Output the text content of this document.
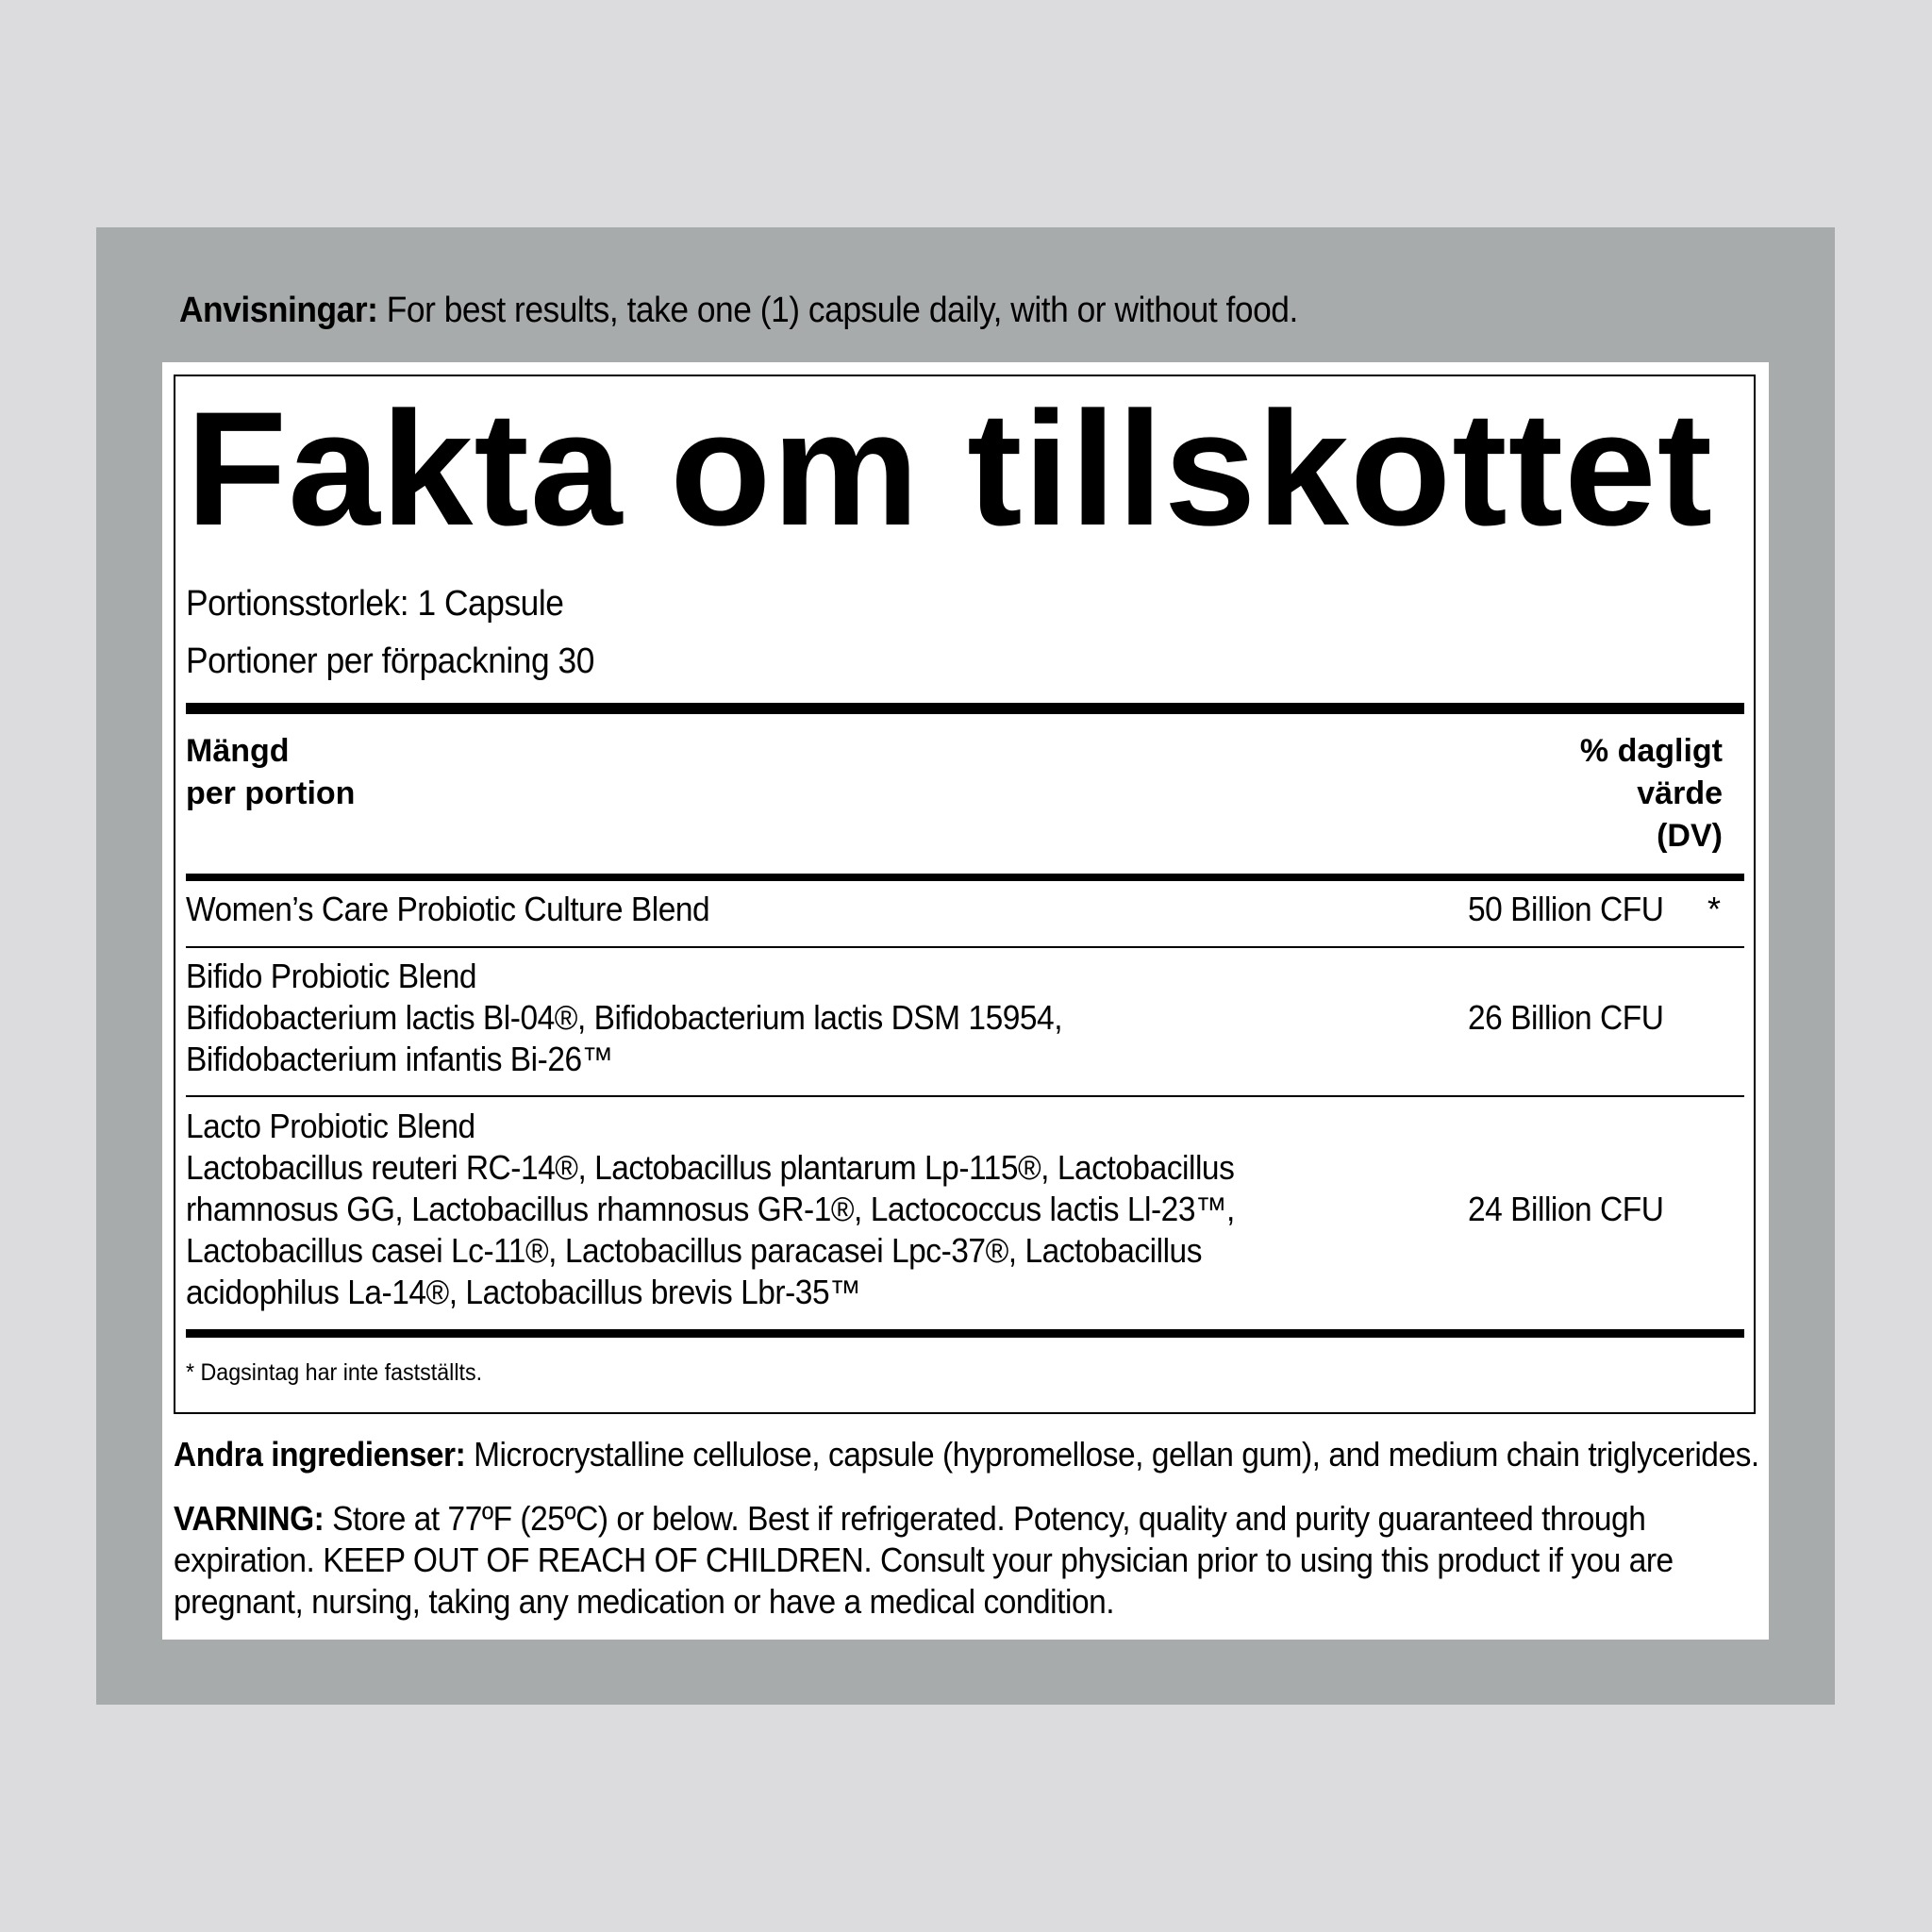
Anvisningar: For best results, take one (1) capsule daily, with or without food.
Fakta om tillskottet
Portionsstorlek: 1 Capsule
Portioner per förpackning 30
Mängd
per portion
% dagligt
värde
(DV)
Women’s Care Probiotic Culture Blend	50 Billion CFU *
Bifido Probiotic Blend
Bifidobacterium lactis Bl-04®, Bifidobacterium lactis DSM 15954,
Bifidobacterium infantis Bi-26™
26 Billion CFU
Lacto Probiotic Blend
Lactobacillus reuteri RC-14®, Lactobacillus plantarum Lp-115®, Lactobacillus
rhamnosus GG, Lactobacillus rhamnosus GR-1®, Lactococcus lactis Ll-23™,
Lactobacillus casei Lc-11®, Lactobacillus paracasei Lpc-37®, Lactobacillus
acidophilus La-14®, Lactobacillus brevis Lbr-35™
24 Billion CFU
* Dagsintag har inte fastställts.
Andra ingredienser: Microcrystalline cellulose, capsule (hypromellose, gellan gum), and medium chain triglycerides.
VARNING: Store at 77ºF (25ºC) or below. Best if refrigerated. Potency, quality and purity guaranteed through expiration. KEEP OUT OF REACH OF CHILDREN. Consult your physician prior to using this product if you are pregnant, nursing, taking any medication or have a medical condition.
